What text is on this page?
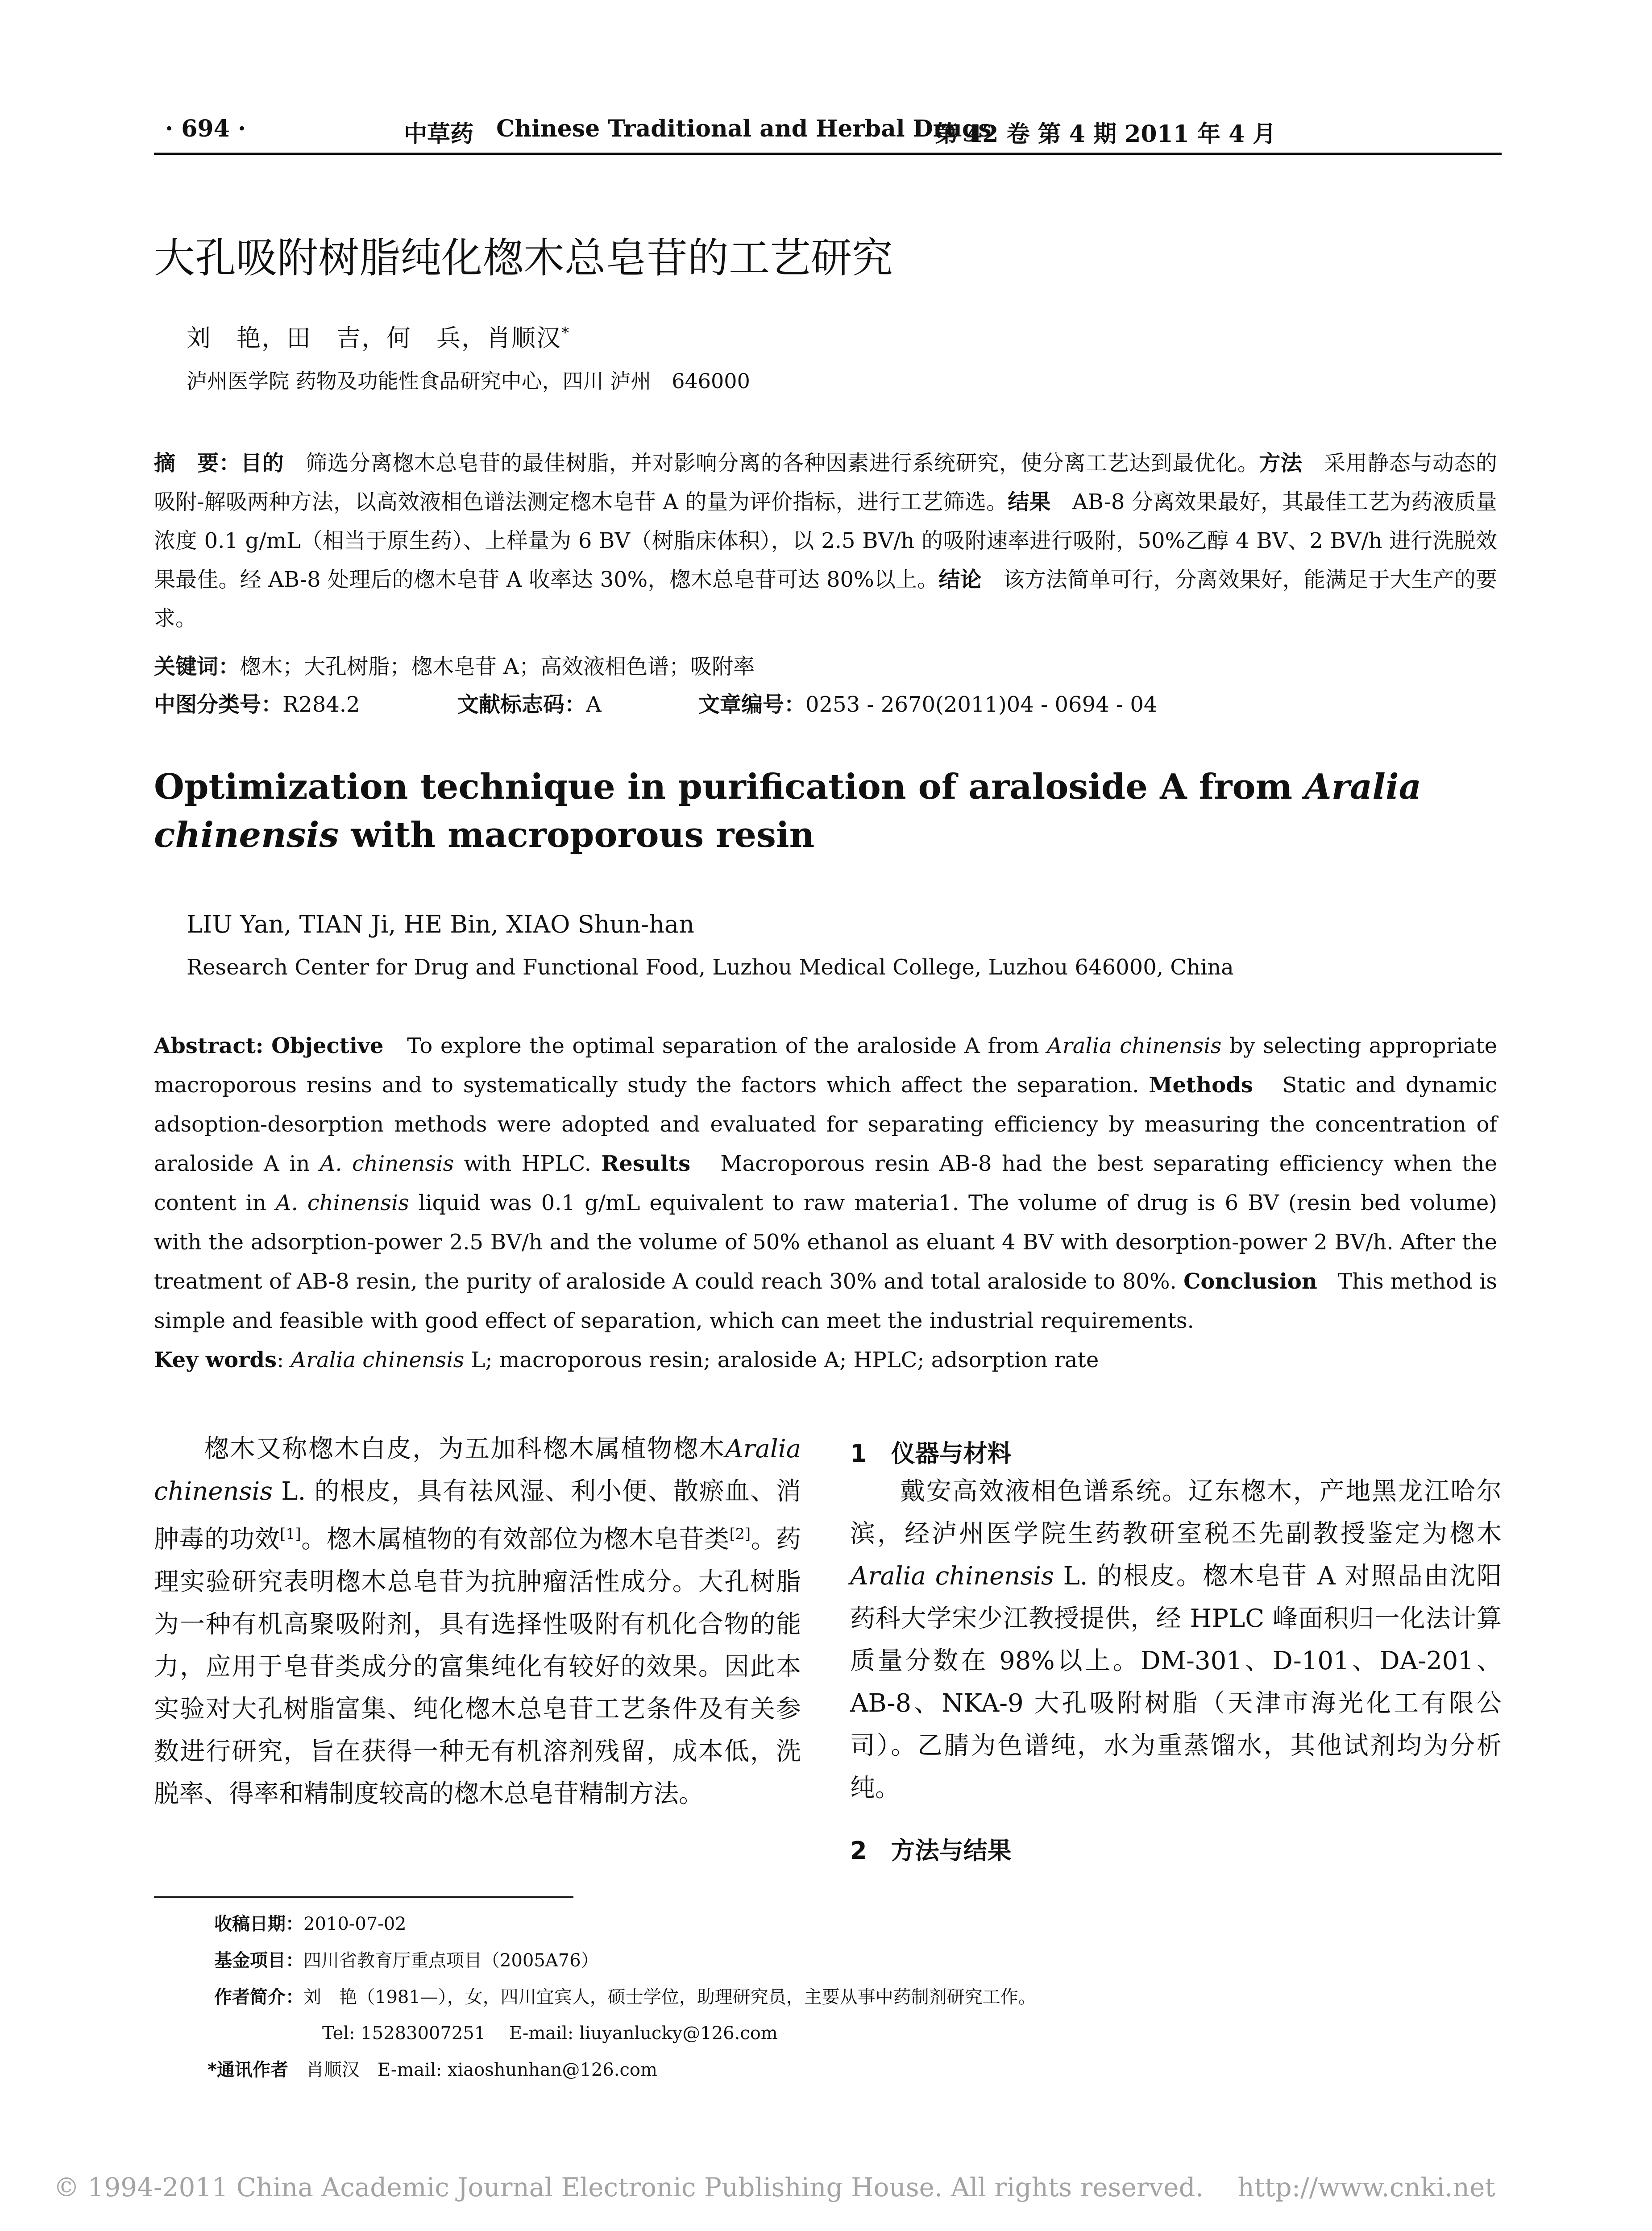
· 694 ·	中草药 Chinese Traditional and Herbal Drugs
第 42 卷 第 4 期 2011 年 4 月
大孔吸附树脂纯化楤木总皂苷的工艺研究
刘　艳，田　吉，何　兵，肖顺汉*
泸州医学院 药物及功能性食品研究中心，四川 泸州　646000
摘　要：目的　 筛选分离楤木总皂苷的最佳树脂，并对影响分离的各种因素进行系统研究，使分离工艺达到最优化。方法　 采用静态与动态的吸附-解吸两种方法，以高效液相色谱法测定楤木皂苷 A 的量为评价指标，进行工艺筛选。结果　 AB-8 分离效果最好，其最佳工艺为药液质量浓度 0.1 g/mL（相当于原生药）、上样量为 6 BV（树脂床体积），以 2.5 BV/h 的吸附速率进行吸附，50%乙醇 4 BV、2 BV/h 进行洗脱效果最佳。经 AB-8 处理后的楤木皂苷 A 收率达 30%，楤木总皂苷可达 80%以上。结论　 该方法简单可行，分离效果好，能满足于大生产的要求。
关键词：楤木；大孔树脂；楤木皂苷 A；高效液相色谱；吸附率
中图分类号：R284.2	文献标志码：A	文章编号：0253 - 2670(2011)04 - 0694 - 04
Optimization technique in purification of araloside A from Aralia chinensis with macroporous resin
LIU Yan, TIAN Ji, HE Bin, XIAO Shun-han
Research Center for Drug and Functional Food, Luzhou Medical College, Luzhou 646000, China
Abstract: Objective To explore the optimal separation of the araloside A from Aralia chinensis by selecting appropriate macroporous resins and to systematically study the factors which affect the separation. Methods Static and dynamic adsoption-desorption methods were adopted and evaluated for separating efficiency by measuring the concentration of araloside A in A. chinensis with HPLC. Results Macroporous resin AB-8 had the best separating efficiency when the content in A. chinensis liquid was 0.1 g/mL equivalent to raw materia1. The volume of drug is 6 BV (resin bed volume) with the adsorption-power 2.5 BV/h and the volume of 50% ethanol as eluant 4 BV with desorption-power 2 BV/h. After the treatment of AB-8 resin, the purity of araloside A could reach 30% and total araloside to 80%. Conclusion This method is simple and feasible with good effect of separation, which can meet the industrial requirements.
Key words: Aralia chinensis L; macroporous resin; araloside A; HPLC; adsorption rate
楤木又称楤木白皮，为五加科楤木属植物楤木Aralia chinensis L. 的根皮，具有祛风湿、利小便、散瘀血、消肿毒的功效[1]。楤木属植物的有效部位为楤木皂苷类[2]。药理实验研究表明楤木总皂苷为抗肿瘤活性成分。大孔树脂为一种有机高聚吸附剂，具有选择性吸附有机化合物的能力，应用于皂苷类成分的富集纯化有较好的效果。因此本实验对大孔树脂富集、纯化楤木总皂苷工艺条件及有关参数进行研究，旨在获得一种无有机溶剂残留，成本低，洗脱率、得率和精制度较高的楤木总皂苷精制方法。
1　仪器与材料
戴安高效液相色谱系统。辽东楤木，产地黑龙江哈尔滨，经泸州医学院生药教研室税丕先副教授鉴定为楤木Aralia chinensis L. 的根皮。楤木皂苷 A 对照品由沈阳药科大学宋少江教授提供，经 HPLC 峰面积归一化法计算质量分数在 98%以上。DM-301、D-101、DA-201、AB-8、NKA-9 大孔吸附树脂（天津市海光化工有限公司）。乙腈为色谱纯，水为重蒸馏水，其他试剂均为分析纯。
2　方法与结果
收稿日期：2010-07-02
基金项目：四川省教育厅重点项目（2005A76）
作者简介：刘　艳（1981—），女，四川宜宾人，硕士学位，助理研究员，主要从事中药制剂研究工作。
Tel: 15283007251　 E-mail: liuyanlucky@126.com
*通讯作者　 肖顺汉　E-mail: xiaoshunhan@126.com
© 1994-2011 China Academic Journal Electronic Publishing House. All rights reserved.　 http://www.cnki.net
